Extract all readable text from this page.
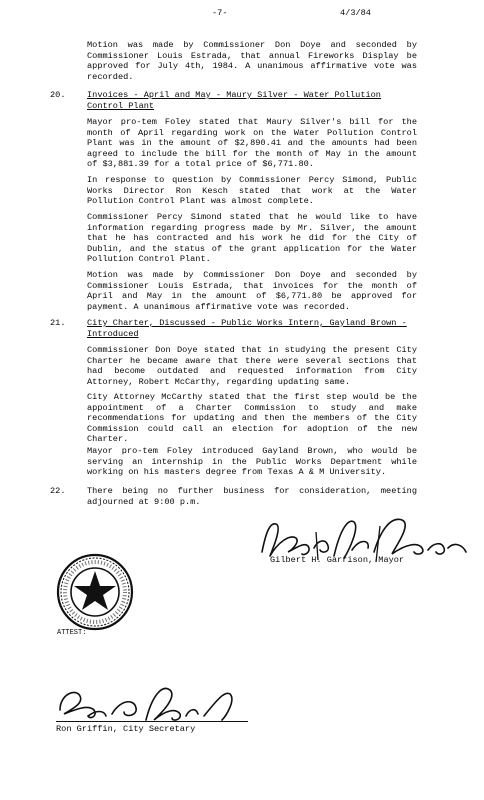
-7-	4/3/84

Motion was made by Commissioner Don Doye and seconded by Commissioner Louis Estrada, that annual Fireworks Display be approved for July 4th, 1984. A unanimous affirmative vote was recorded.

20.	Invoices - April and May - Maury Silver - Water Pollution Control Plant

Mayor pro-tem Foley stated that Maury Silver's bill for the month of April regarding work on the Water Pollution Control Plant was in the amount of $2,890.41 and the amounts had been agreed to include the bill for the month of May in the amount of $3,881.39 for a total price of $6,771.80.

In response to question by Commissioner Percy Simond, Public Works Director Ron Kesch stated that work at the Water Pollution Control Plant was almost complete.

Commissioner Percy Simond stated that he would like to have information regarding progress made by Mr. Silver, the amount that he has contracted and his work he did for the City of Dublin, and the status of the grant application for the Water Pollution Control Plant.

Motion was made by Commissioner Don Doye and seconded by Commissioner Louis Estrada, that invoices for the month of April and May in the amount of $6,771.80 be approved for payment. A unanimous affirmative vote was recorded.

21.	City Charter, Discussed - Public Works Intern, Gayland Brown - Introduced

Commissioner Don Doye stated that in studying the present City Charter he became aware that there were several sections that had become outdated and requested information from City Attorney, Robert McCarthy, regarding updating same.

City Attorney McCarthy stated that the first step would be the appointment of a Charter Commission to study and make recommendations for updating and then the members of the City Commission could call an election for adoption of the new Charter.

Mayor pro-tem Foley introduced Gayland Brown, who would be serving an internship in the Public Works Department while working on his masters degree from Texas A & M University.

22.	There being no further business for consideration, meeting adjourned at 9:00 p.m.

Gilbert H. Garrison, Mayor
ATTEST:
Ron Griffin, City Secretary
